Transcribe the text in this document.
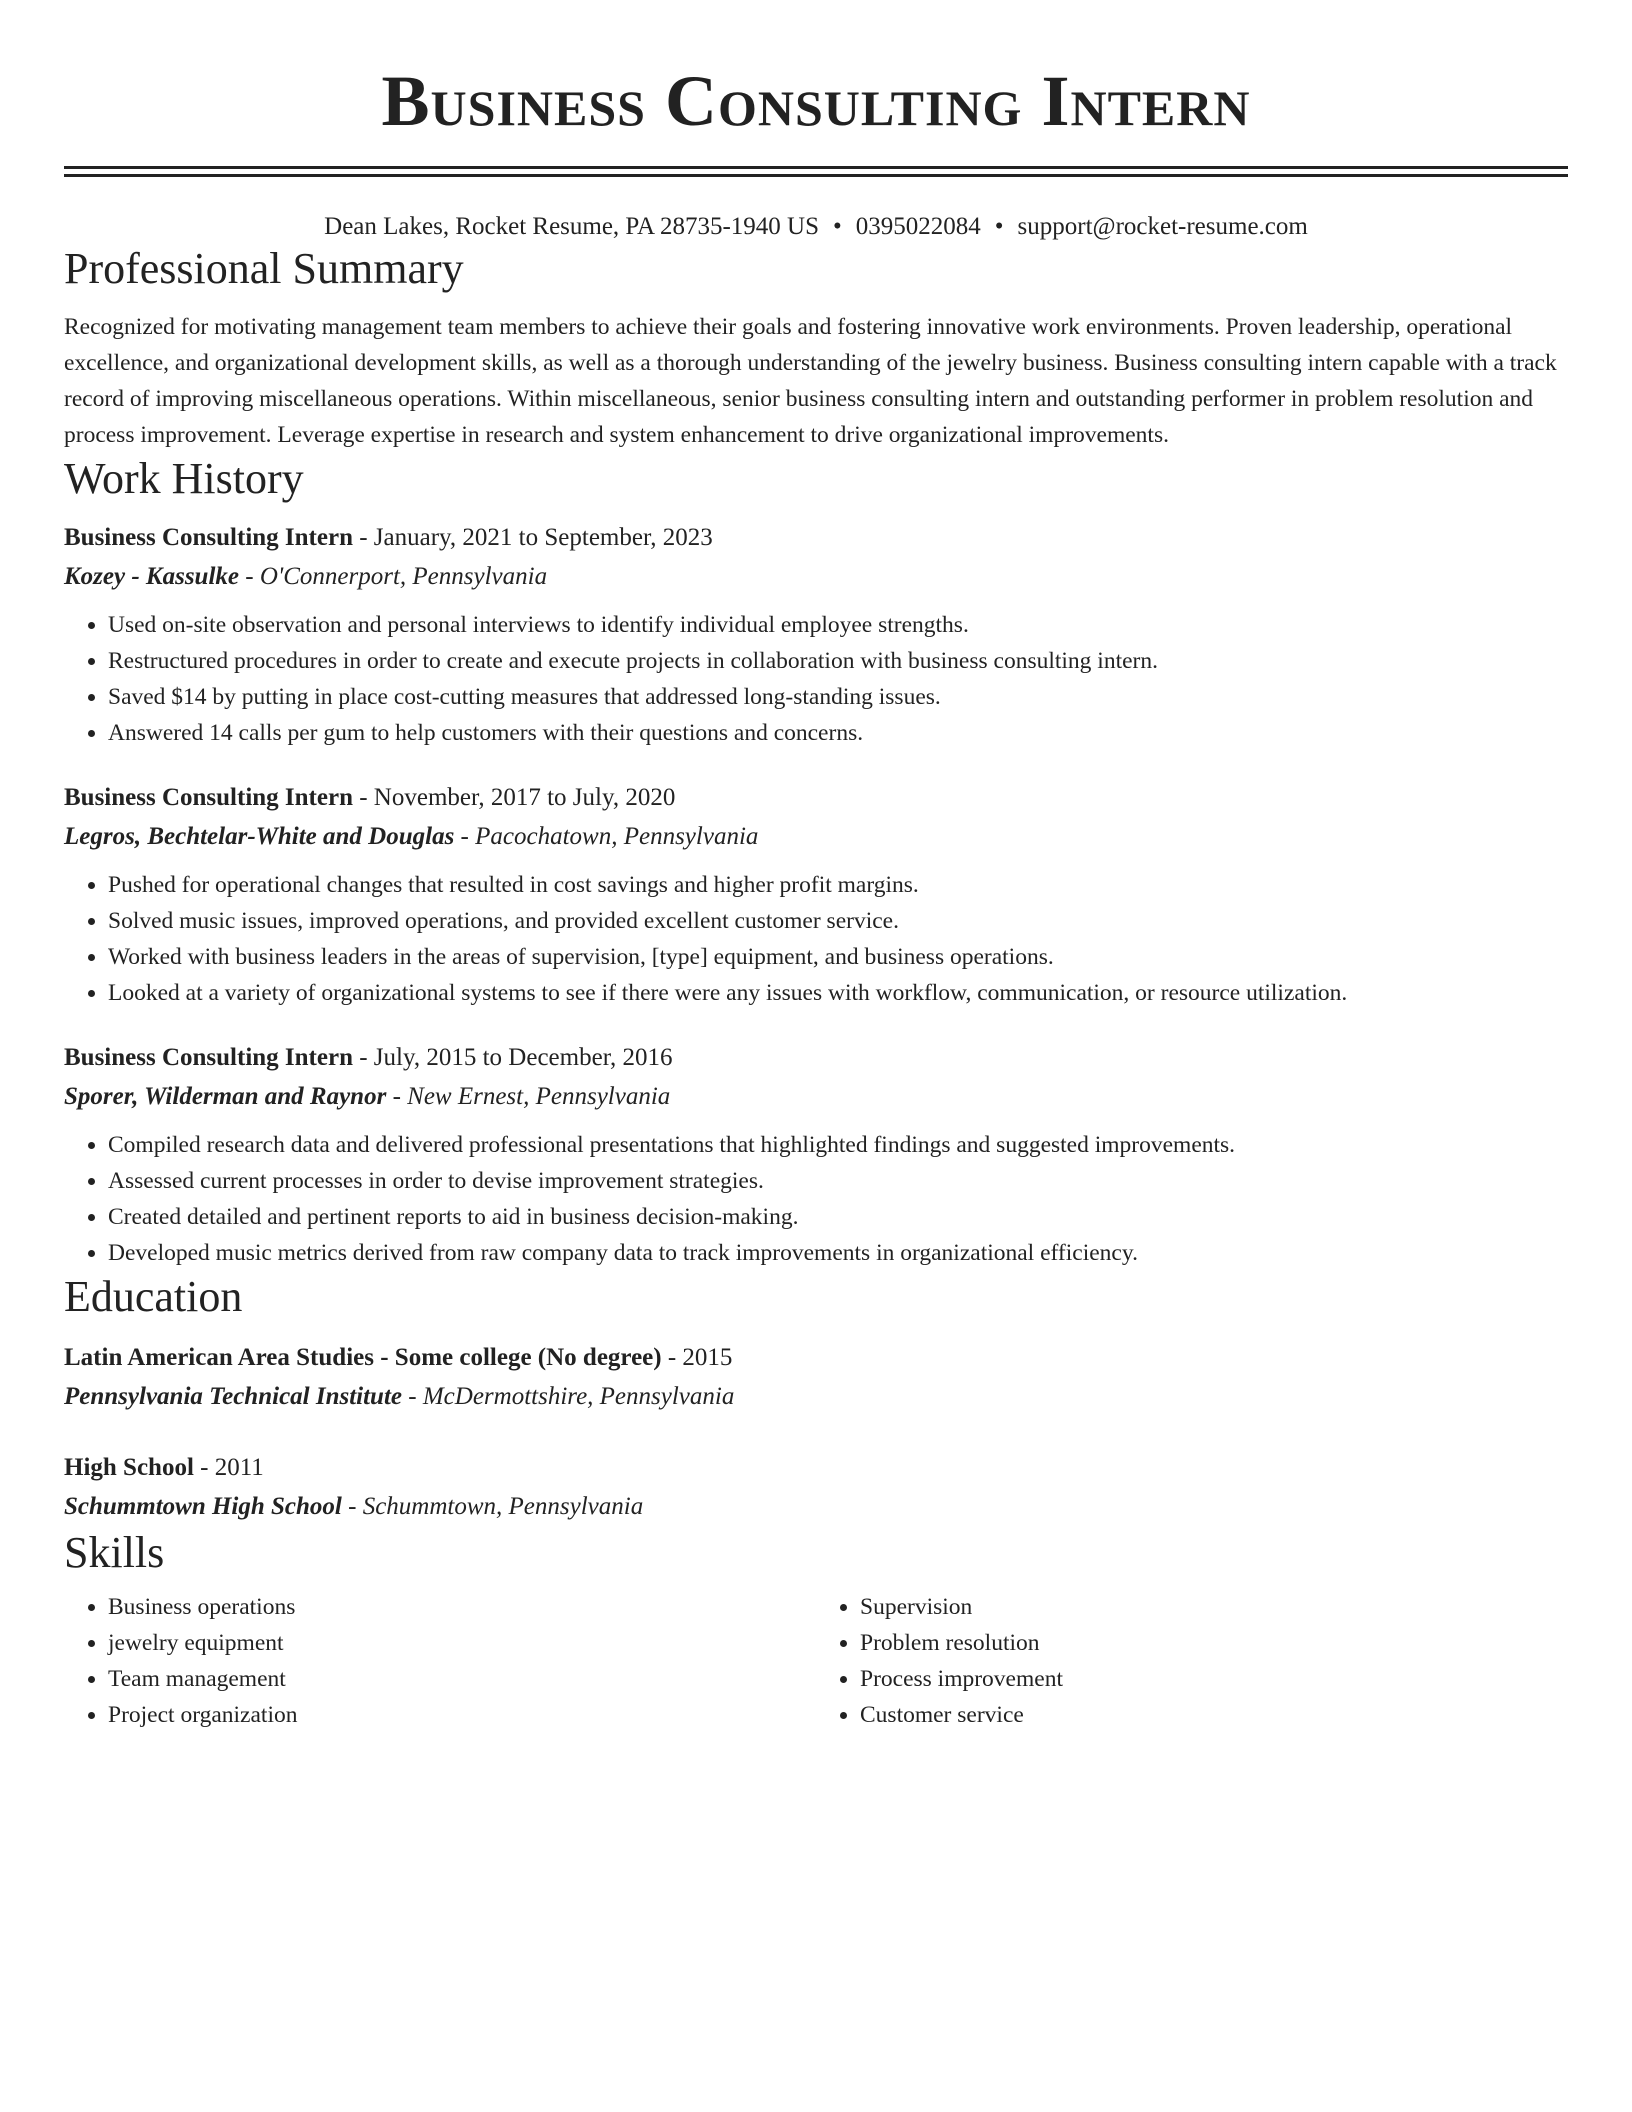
Business Consulting Intern
Dean Lakes, Rocket Resume, PA 28735-1940 US • 0395022084 • support@rocket-resume.com
Professional Summary
Recognized for motivating management team members to achieve their goals and fostering innovative work environments. Proven leadership, operational excellence, and organizational development skills, as well as a thorough understanding of the jewelry business. Business consulting intern capable with a track record of improving miscellaneous operations. Within miscellaneous, senior business consulting intern and outstanding performer in problem resolution and process improvement. Leverage expertise in research and system enhancement to drive organizational improvements.
Work History
Business Consulting Intern - January, 2021 to September, 2023
Kozey - Kassulke - O'Connerport, Pennsylvania
• Used on-site observation and personal interviews to identify individual employee strengths.
• Restructured procedures in order to create and execute projects in collaboration with business consulting intern.
• Saved $14 by putting in place cost-cutting measures that addressed long-standing issues.
• Answered 14 calls per gum to help customers with their questions and concerns.
Business Consulting Intern - November, 2017 to July, 2020
Legros, Bechtelar-White and Douglas - Pacochatown, Pennsylvania
• Pushed for operational changes that resulted in cost savings and higher profit margins.
• Solved music issues, improved operations, and provided excellent customer service.
• Worked with business leaders in the areas of supervision, [type] equipment, and business operations.
• Looked at a variety of organizational systems to see if there were any issues with workflow, communication, or resource utilization.
Business Consulting Intern - July, 2015 to December, 2016
Sporer, Wilderman and Raynor - New Ernest, Pennsylvania
• Compiled research data and delivered professional presentations that highlighted findings and suggested improvements.
• Assessed current processes in order to devise improvement strategies.
• Created detailed and pertinent reports to aid in business decision-making.
• Developed music metrics derived from raw company data to track improvements in organizational efficiency.
Education
Latin American Area Studies - Some college (No degree) - 2015
Pennsylvania Technical Institute - McDermottshire, Pennsylvania
High School - 2011
Schummtown High School - Schummtown, Pennsylvania
Skills
• Business operations
• jewelry equipment
• Team management
• Project organization
• Supervision
• Problem resolution
• Process improvement
• Customer service
